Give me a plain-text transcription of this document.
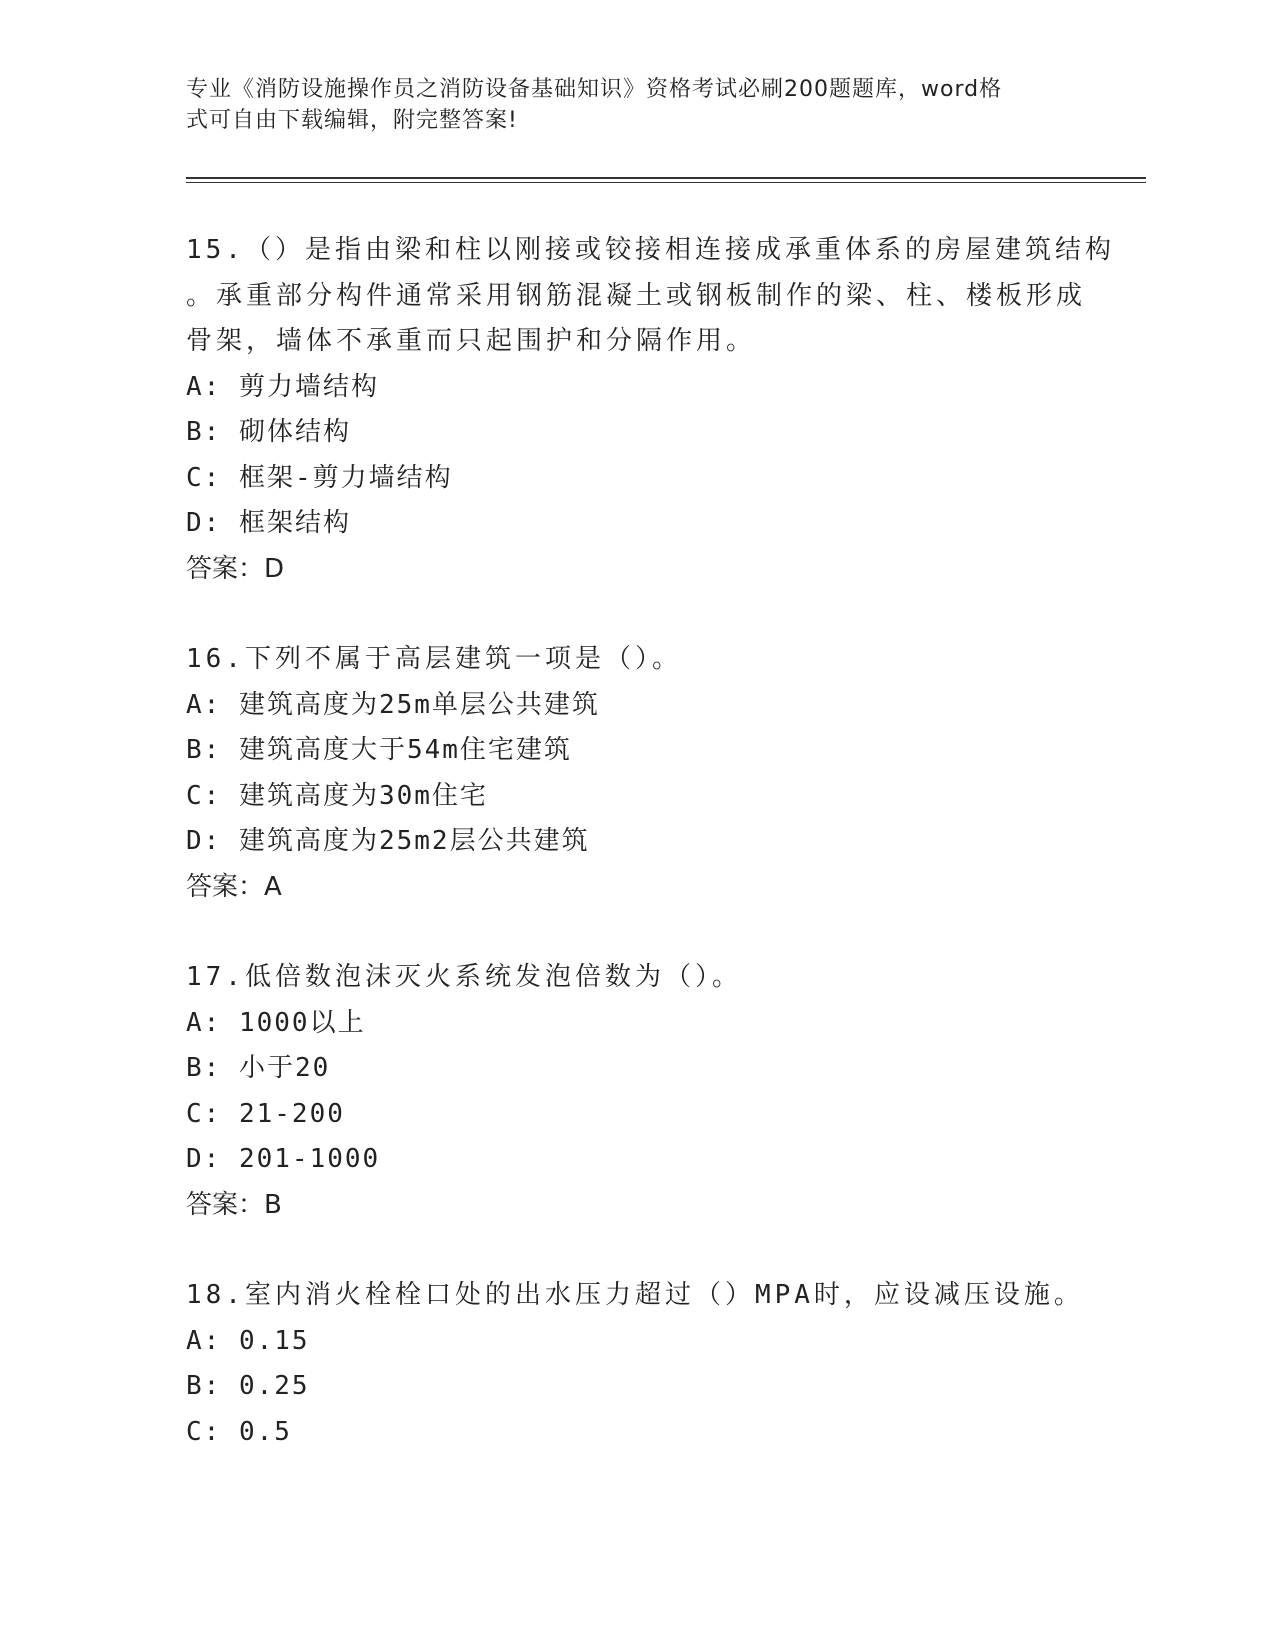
专业《消防设施操作员之消防设备基础知识》资格考试必刷200题题库，word格
式可自由下载编辑，附完整答案!
15.（）是指由梁和柱以刚接或铰接相连接成承重体系的房屋建筑结构
。承重部分构件通常采用钢筋混凝土或钢板制作的梁、柱、楼板形成
骨架，墙体不承重而只起围护和分隔作用。
A: 剪力墙结构
B: 砌体结构
C: 框架-剪力墙结构
D: 框架结构
答案：D
16.下列不属于高层建筑一项是（）。
A: 建筑高度为25m单层公共建筑
B: 建筑高度大于54m住宅建筑
C: 建筑高度为30m住宅
D: 建筑高度为25m2层公共建筑
答案：A
17.低倍数泡沫灭火系统发泡倍数为（）。
A: 1000以上
B: 小于20
C: 21-200
D: 201-1000
答案：B
18.室内消火栓栓口处的出水压力超过（）MPA时，应设减压设施。
A: 0.15
B: 0.25
C: 0.5
